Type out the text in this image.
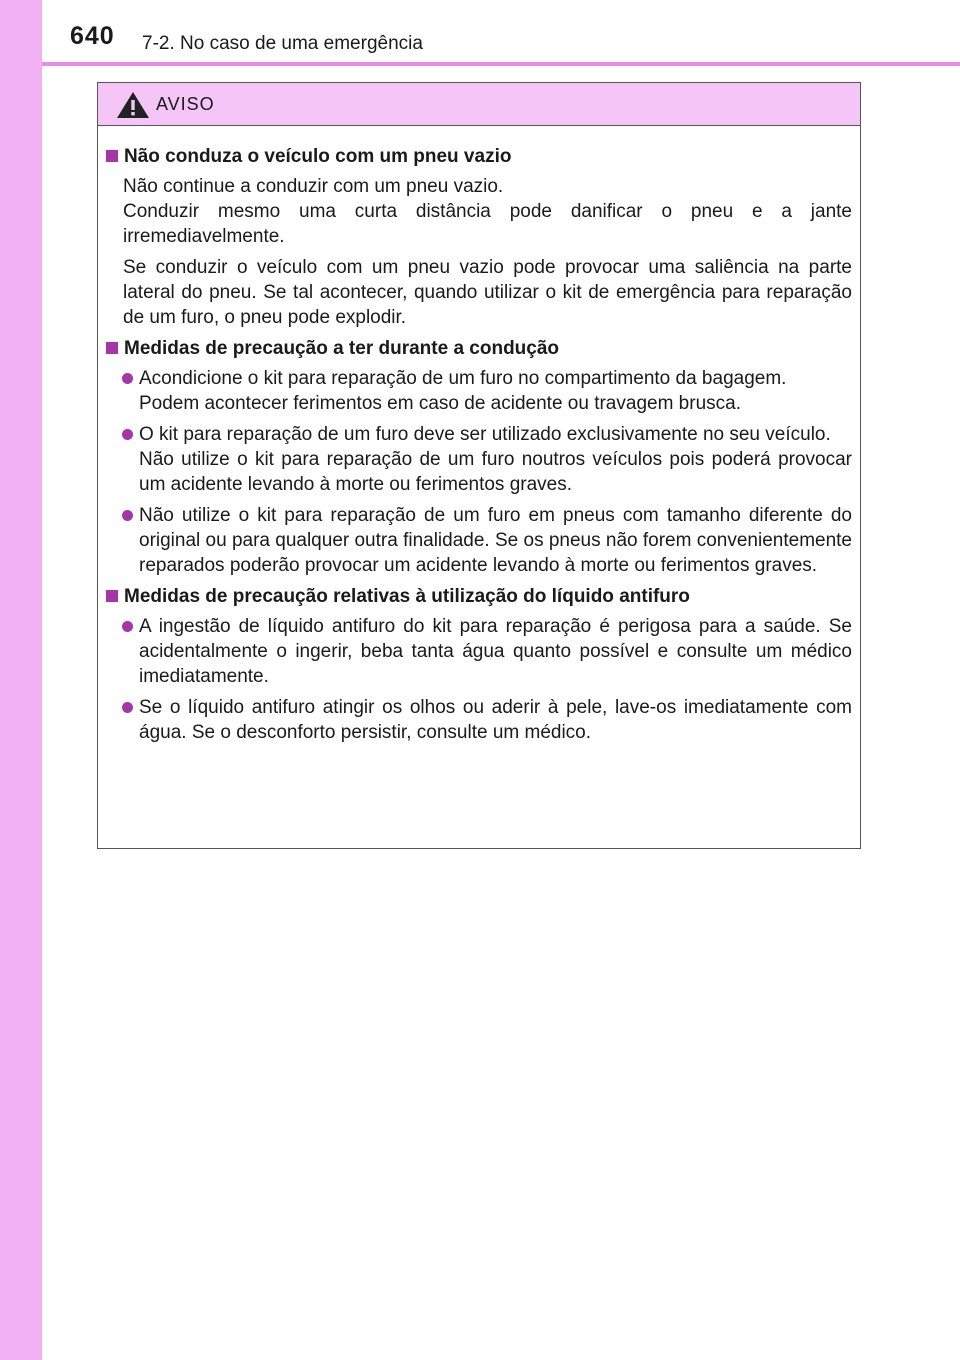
640 7-2. No caso de uma emergência
AVISO
Não conduza o veículo com um pneu vazio

Não continue a conduzir com um pneu vazio.

Conduzir mesmo uma curta distância pode danificar o pneu e a jante irremediavelmente.

Se conduzir o veículo com um pneu vazio pode provocar uma saliência na parte lateral do pneu. Se tal acontecer, quando utilizar o kit de emergência para reparação de um furo, o pneu pode explodir.

Medidas de precaução a ter durante a condução

Acondicione o kit para reparação de um furo no compartimento da bagagem.

Podem acontecer ferimentos em caso de acidente ou travagem brusca.

O kit para reparação de um furo deve ser utilizado exclusivamente no seu veículo.

Não utilize o kit para reparação de um furo noutros veículos pois poderá provocar um acidente levando à morte ou ferimentos graves.

Não utilize o kit para reparação de um furo em pneus com tamanho diferente do original ou para qualquer outra finalidade. Se os pneus não forem convenientemente reparados poderão provocar um acidente levando à morte ou ferimentos graves.

Medidas de precaução relativas à utilização do líquido antifuro

A ingestão de líquido antifuro do kit para reparação é perigosa para a saúde. Se acidentalmente o ingerir, beba tanta água quanto possível e consulte um médico imediatamente.

Se o líquido antifuro atingir os olhos ou aderir à pele, lave-os imediatamente com água. Se o desconforto persistir, consulte um médico.
